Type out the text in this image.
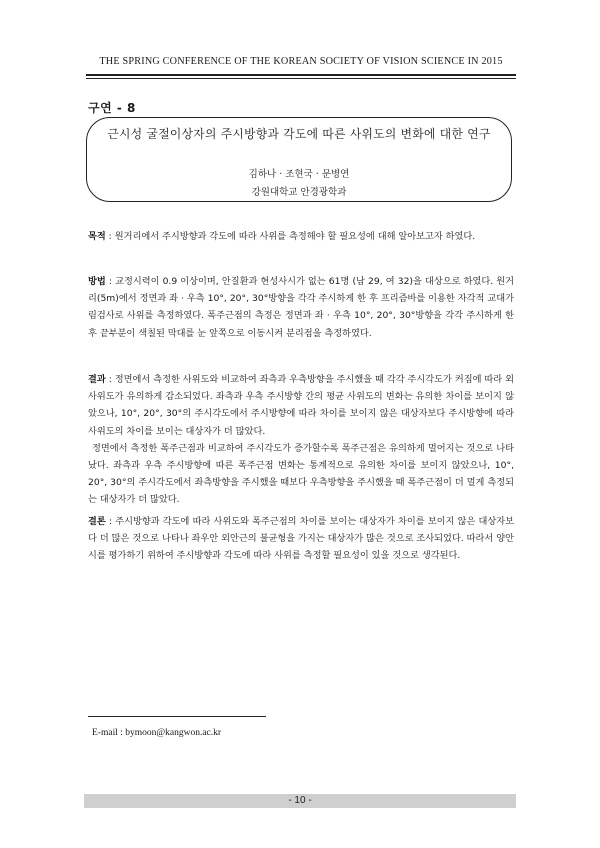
THE SPRING CONFERENCE OF THE KOREAN SOCIETY OF VISION SCIENCE IN 2015
구연 - 8
근시성 굴절이상자의 주시방향과 각도에 따른 사위도의 변화에 대한 연구
김하나 · 조현국 · 문병연
강원대학교 안경광학과

목적 : 원거리에서 주시방향과 각도에 따라 사위를 측정해야 할 필요성에 대해 알아보고자 하였다.

방법 : 교정시력이 0.9 이상이며, 안질환과 현성사시가 없는 61명 (남 29, 여 32)을 대상으로 하였다. 원거리(5m)에서 정면과 좌 · 우측 10°, 20°, 30°방향을 각각 주시하게 한 후 프리즘바를 이용한 자각적 교대가림검사로 사위를 측정하였다. 폭주근점의 측정은 정면과 좌 · 우측 10°, 20°, 30°방향을 각각 주시하게 한 후 끝부분이 색칠된 막대를 눈 앞쪽으로 이동시켜 분리점을 측정하였다.

결과 : 정면에서 측정한 사위도와 비교하여 좌측과 우측방향을 주시했을 때 각각 주시각도가 커짐에 따라 외사위도가 유의하게 감소되었다. 좌측과 우측 주시방향 간의 평균 사위도의 변화는 유의한 차이를 보이지 않았으나, 10°, 20°, 30°의 주시각도에서 주시방향에 따라 차이를 보이지 않은 대상자보다 주시방향에 따라 사위도의 차이를 보이는 대상자가 더 많았다.

정면에서 측정한 폭주근점과 비교하여 주시각도가 증가할수록 폭주근점은 유의하게 멀어지는 것으로 나타났다. 좌측과 우측 주시방향에 따른 폭주근점 변화는 통계적으로 유의한 차이를 보이지 않았으나, 10°, 20°, 30°의 주시각도에서 좌측방향을 주시했을 때보다 우측방향을 주시했을 때 폭주근점이 더 멀게 측정되는 대상자가 더 많았다.

결론 : 주시방향과 각도에 따라 사위도와 폭주근점의 차이를 보이는 대상자가 차이를 보이지 않은 대상자보다 더 많은 것으로 나타나 좌우안 외안근의 불균형을 가지는 대상자가 많은 것으로 조사되었다. 따라서 양안시를 평가하기 위하여 주시방향과 각도에 따라 사위를 측정할 필요성이 있을 것으로 생각된다.

E-mail : bymoon@kangwon.ac.kr
- 10 -
